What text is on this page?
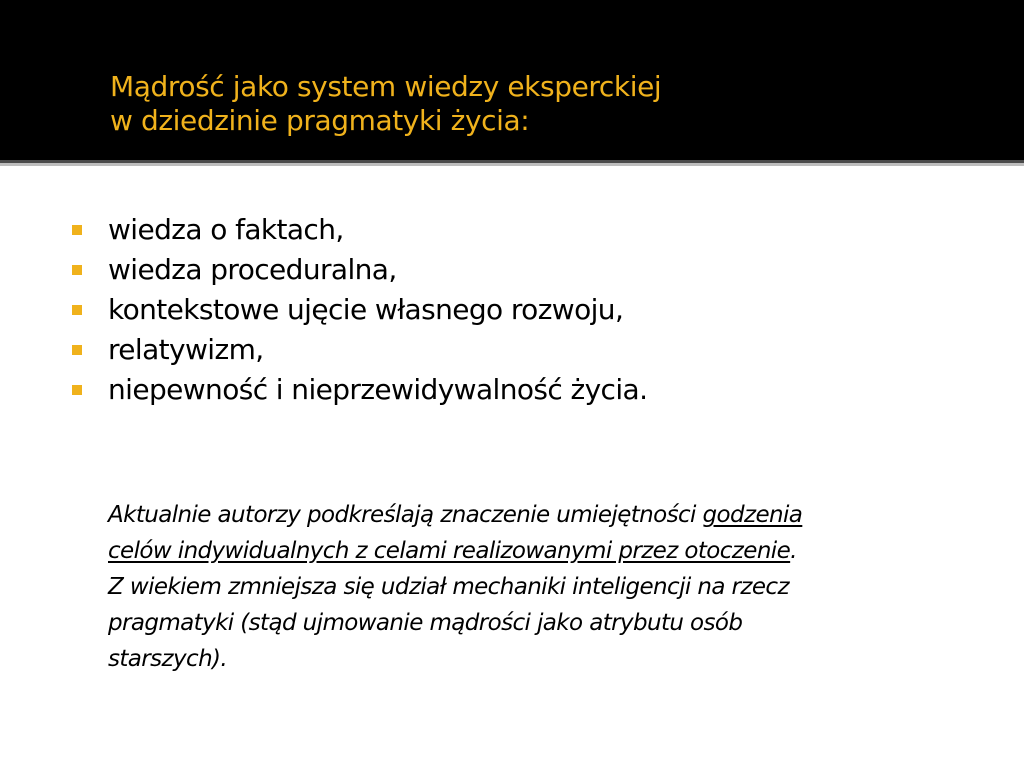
Mądrość jako system wiedzy eksperckiej
w dziedzinie pragmatyki życia:
wiedza o faktach,
wiedza proceduralna,
kontekstowe ujęcie własnego rozwoju,
relatywizm,
niepewność i nieprzewidywalność życia.

Aktualnie autorzy podkreślają znaczenie umiejętności godzenia
celów indywidualnych z celami realizowanymi przez otoczenie.
Z wiekiem zmniejsza się udział mechaniki inteligencji na rzecz
pragmatyki (stąd ujmowanie mądrości jako atrybutu osób
starszych).
